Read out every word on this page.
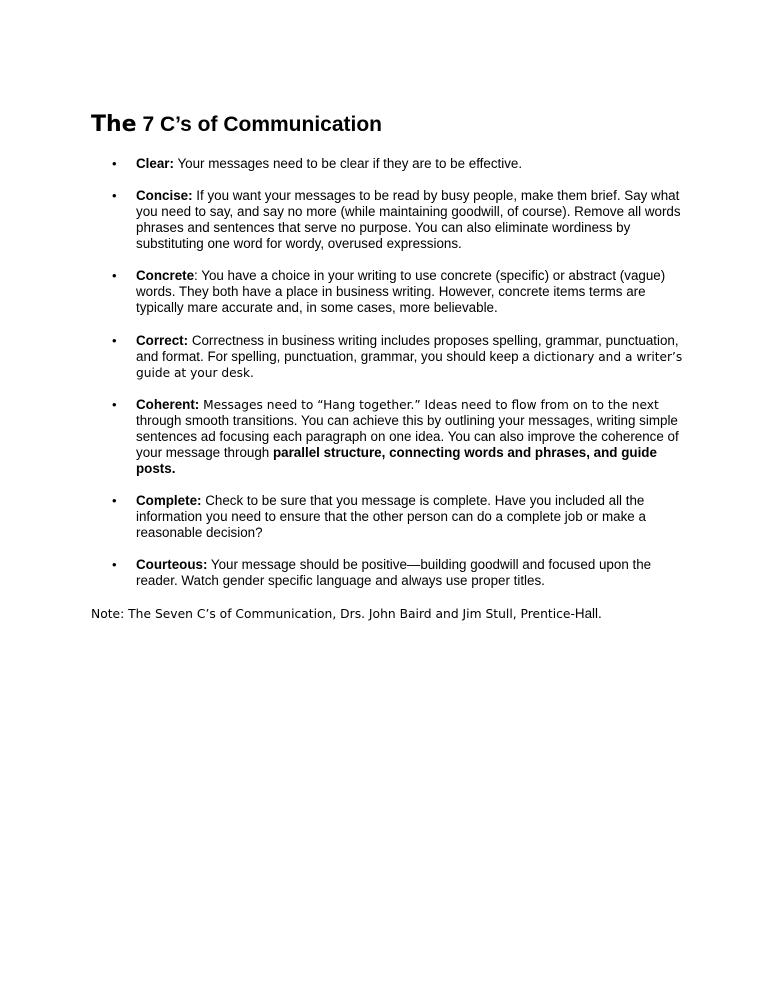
The 7 C’s of Communication
• Clear: Your messages need to be clear if they are to be effective.
• Concise: If you want your messages to be read by busy people, make them brief. Say what you need to say, and say no more (while maintaining goodwill, of course). Remove all words phrases and sentences that serve no purpose. You can also eliminate wordiness by substituting one word for wordy, overused expressions.
• Concrete: You have a choice in your writing to use concrete (specific) or abstract (vague) words. They both have a place in business writing. However, concrete items terms are typically mare accurate and, in some cases, more believable.
• Correct: Correctness in business writing includes proposes spelling, grammar, punctuation, and format. For spelling, punctuation, grammar, you should keep a dictionary and a writer’s guide at your desk.
• Coherent: Messages need to “Hang together.” Ideas need to flow from on to the next through smooth transitions. You can achieve this by outlining your messages, writing simple sentences ad focusing each paragraph on one idea. You can also improve the coherence of your message through parallel structure, connecting words and phrases, and guide posts.
• Complete: Check to be sure that you message is complete. Have you included all the information you need to ensure that the other person can do a complete job or make a reasonable decision?
• Courteous: Your message should be positive—building goodwill and focused upon the reader. Watch gender specific language and always use proper titles.
Note: The Seven C’s of Communication, Drs. John Baird and Jim Stull, Prentice-Hall.
